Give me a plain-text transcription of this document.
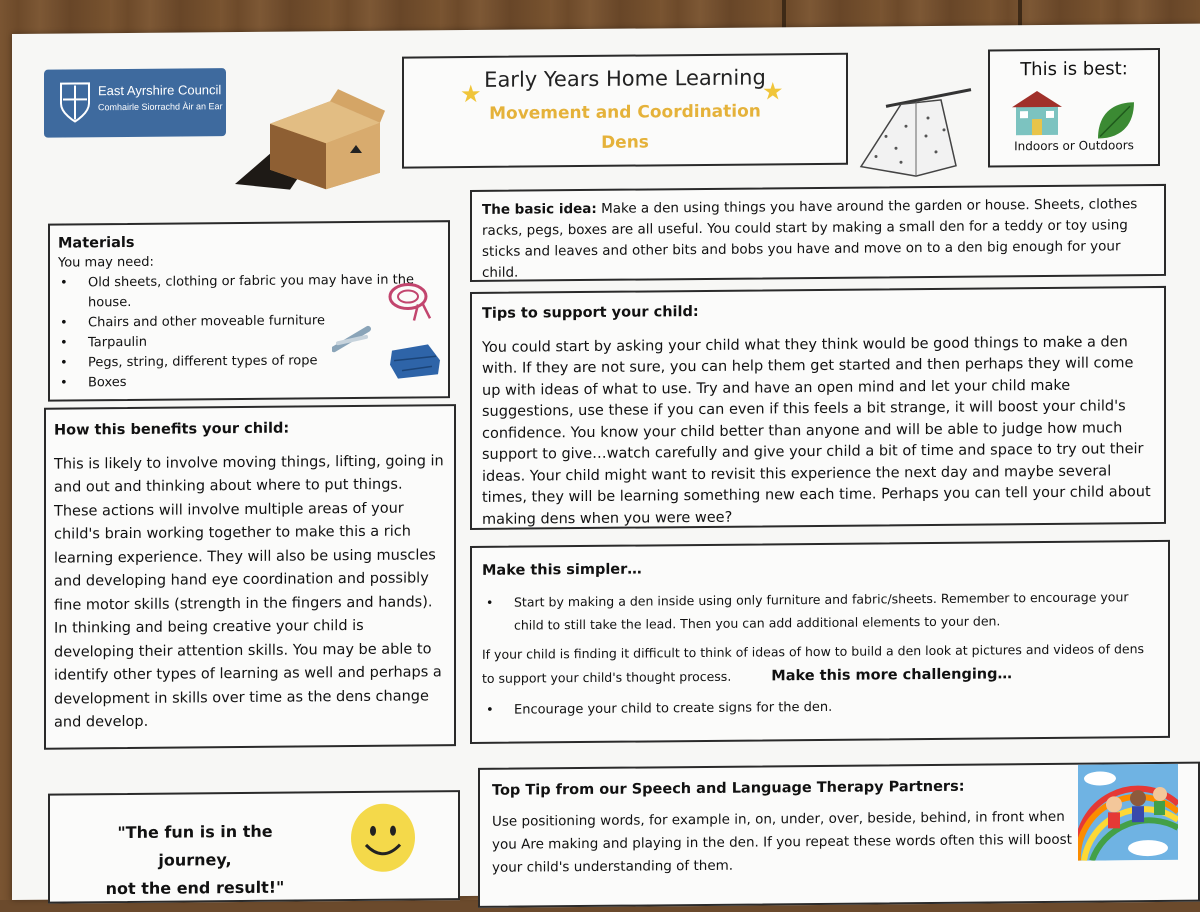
East Ayrshire Council
Comhairle Siorrachd Àir an Ear
Early Years Home Learning
Movement and Coordination
Dens
★	★
This is best:
Indoors or Outdoors
The basic idea: Make a den using things you have around the garden or house. Sheets, clothes racks, pegs, boxes are all useful. You could start by making a small den for a teddy or toy using sticks and leaves and other bits and bobs you have and move on to a den big enough for your child.
Materials
You may need:
• Old sheets, clothing or fabric you may have in the house.
• Chairs and other moveable furniture
• Tarpaulin
• Pegs, string, different types of rope
• Boxes
Tips to support your child:
You could start by asking your child what they think would be good things to make a den with. If they are not sure, you can help them get started and then perhaps they will come up with ideas of what to use. Try and have an open mind and let your child make suggestions, use these if you can even if this feels a bit strange, it will boost your child's confidence. You know your child better than anyone and will be able to judge how much support to give…watch carefully and give your child a bit of time and space to try out their ideas. Your child might want to revisit this experience the next day and maybe several times, they will be learning something new each time. Perhaps you can tell your child about making dens when you were wee?
How this benefits your child:
This is likely to involve moving things, lifting, going in and out and thinking about where to put things. These actions will involve multiple areas of your child's brain working together to make this a rich learning experience. They will also be using muscles and developing hand eye coordination and possibly fine motor skills (strength in the fingers and hands). In thinking and being creative your child is developing their attention skills. You may be able to identify other types of learning as well and perhaps a development in skills over time as the dens change and develop.
Make this simpler…
• Start by making a den inside using only furniture and fabric/sheets. Remember to encourage your child to still take the lead. Then you can add additional elements to your den.
If your child is finding it difficult to think of ideas of how to build a den look at pictures and videos of dens to support your child's thought process.	Make this more challenging…
• Encourage your child to create signs for the den.
"The fun is in the journey,
not the end result!"
Top Tip from our Speech and Language Therapy Partners:
Use positioning words, for example in, on, under, over, beside, behind, in front when you Are making and playing in the den. If you repeat these words often this will boost your child's understanding of them.
